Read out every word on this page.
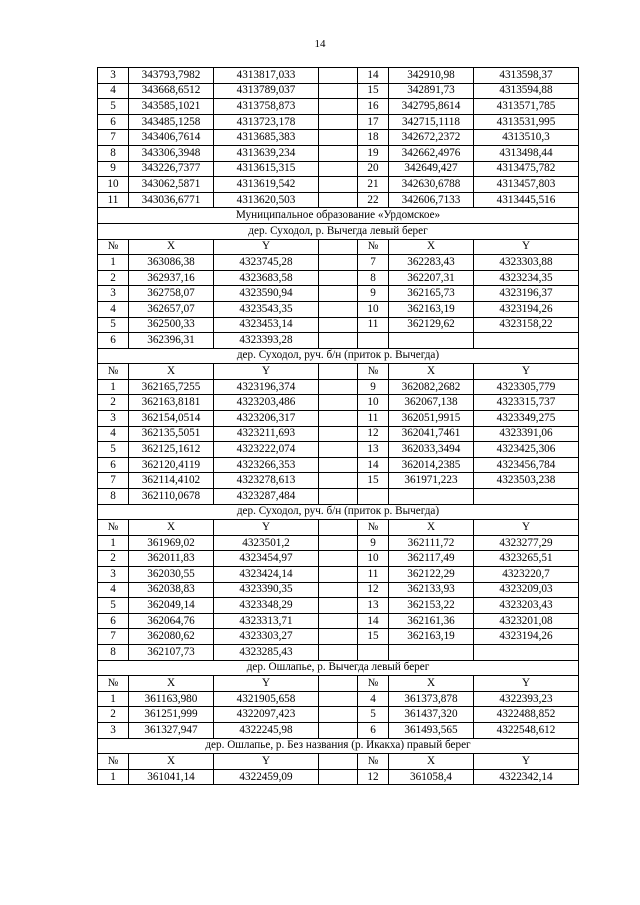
14
3	343793,7982	4313817,033		14	342910,98	4313598,37
4	343668,6512	4313789,037		15	342891,73	4313594,88
5	343585,1021	4313758,873		16	342795,8614	4313571,785
6	343485,1258	4313723,178		17	342715,1118	4313531,995
7	343406,7614	4313685,383		18	342672,2372	4313510,3
8	343306,3948	4313639,234		19	342662,4976	4313498,44
9	343226,7377	4313615,315		20	342649,427	4313475,782
10	343062,5871	4313619,542		21	342630,6788	4313457,803
11	343036,6771	4313620,503		22	342606,7133	4313445,516
Муниципальное образование «Урдомское»						
дер. Суходол, р. Вычегда левый берег						
№	X	Y		№	X	Y
1	363086,38	4323745,28		7	362283,43	4323303,88
2	362937,16	4323683,58		8	362207,31	4323234,35
3	362758,07	4323590,94		9	362165,73	4323196,37
4	362657,07	4323543,35		10	362163,19	4323194,26
5	362500,33	4323453,14		11	362129,62	4323158,22
6	362396,31	4323393,28				
дер. Суходол, руч. б/н (приток р. Вычегда)						
№	X	Y		№	X	Y
1	362165,7255	4323196,374		9	362082,2682	4323305,779
2	362163,8181	4323203,486		10	362067,138	4323315,737
3	362154,0514	4323206,317		11	362051,9915	4323349,275
4	362135,5051	4323211,693		12	362041,7461	4323391,06
5	362125,1612	4323222,074		13	362033,3494	4323425,306
6	362120,4119	4323266,353		14	362014,2385	4323456,784
7	362114,4102	4323278,613		15	361971,223	4323503,238
8	362110,0678	4323287,484				
дер. Суходол, руч. б/н (приток р. Вычегда)						
№	X	Y		№	X	Y
1	361969,02	4323501,2		9	362111,72	4323277,29
2	362011,83	4323454,97		10	362117,49	4323265,51
3	362030,55	4323424,14		11	362122,29	4323220,7
4	362038,83	4323390,35		12	362133,93	4323209,03
5	362049,14	4323348,29		13	362153,22	4323203,43
6	362064,76	4323313,71		14	362161,36	4323201,08
7	362080,62	4323303,27		15	362163,19	4323194,26
8	362107,73	4323285,43				
дер. Ошлапье, р. Вычегда левый берег						
№	X	Y		№	X	Y
1	361163,980	4321905,658		4	361373,878	4322393,23
2	361251,999	4322097,423		5	361437,320	4322488,852
3	361327,947	4322245,98		6	361493,565	4322548,612
дер. Ошлапье, р. Без названия (р. Икакха) правый берег						
№	X	Y		№	X	Y
1	361041,14	4322459,09		12	361058,4	4322342,14
